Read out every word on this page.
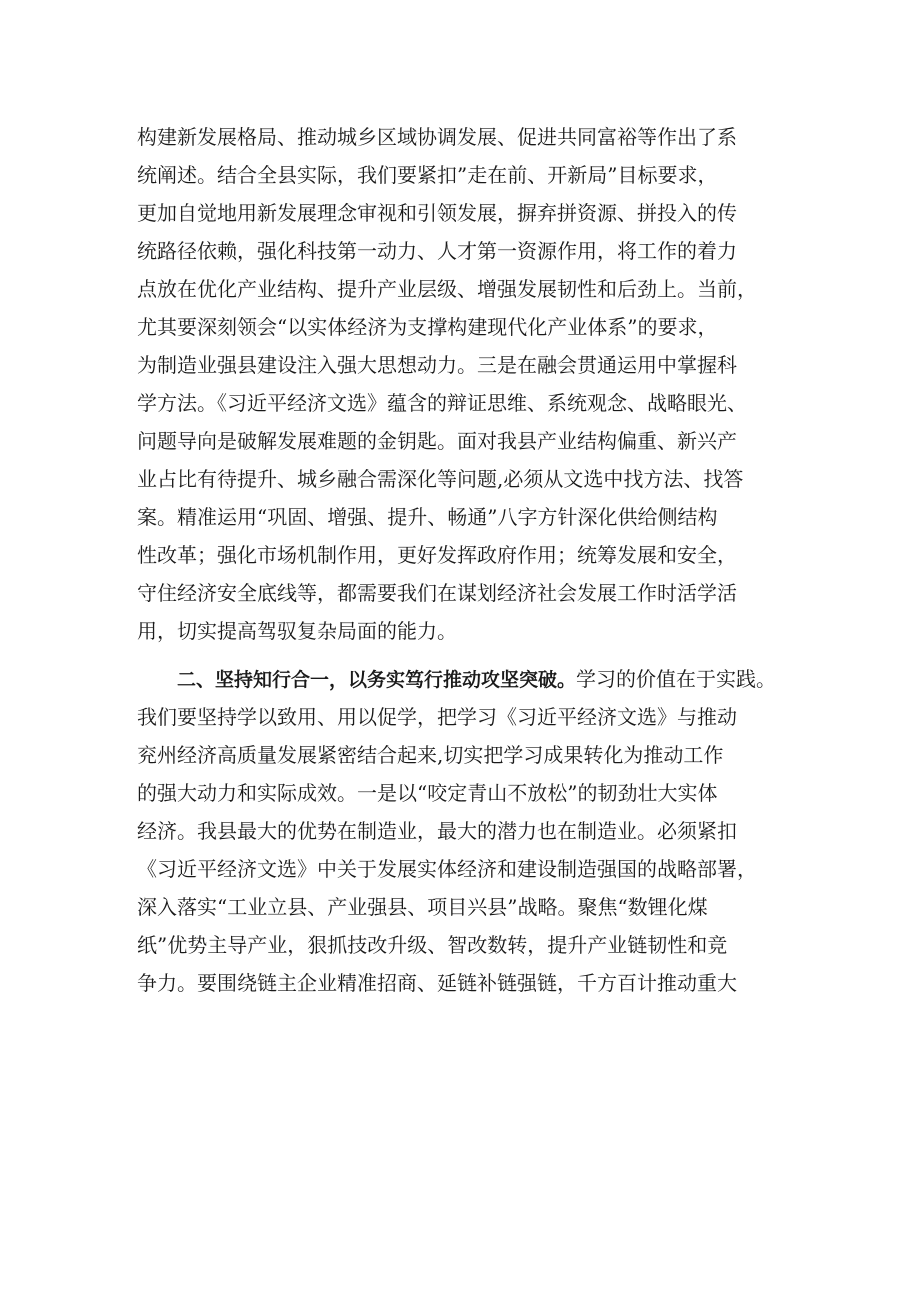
构建新发展格局、推动城乡区域协调发展、促进共同富裕等作出了系
统阐述。结合全县实际，我们要紧扣”走在前、开新局”目标要求，
更加自觉地用新发展理念审视和引领发展，摒弃拼资源、拼投入的传
统路径依赖，强化科技第一动力、人才第一资源作用，将工作的着力
点放在优化产业结构、提升产业层级、增强发展韧性和后劲上。当前，
尤其要深刻领会“以实体经济为支撑构建现代化产业体系”的要求，
为制造业强县建设注入强大思想动力。三是在融会贯通运用中掌握科
学方法。《习近平经济文选》蕴含的辩证思维、系统观念、战略眼光、
问题导向是破解发展难题的金钥匙。面对我县产业结构偏重、新兴产
业占比有待提升、城乡融合需深化等问题,必须从文选中找方法、找答
案。精准运用“巩固、增强、提升、畅通”八字方针深化供给侧结构
性改革；强化市场机制作用，更好发挥政府作用；统筹发展和安全，
守住经济安全底线等，都需要我们在谋划经济社会发展工作时活学活
用，切实提高驾驭复杂局面的能力。
二、坚持知行合一，以务实笃行推动攻坚突破。学习的价值在于实践。
我们要坚持学以致用、用以促学，把学习《习近平经济文选》与推动
兖州经济高质量发展紧密结合起来,切实把学习成果转化为推动工作
的强大动力和实际成效。一是以“咬定青山不放松”的韧劲壮大实体
经济。我县最大的优势在制造业，最大的潜力也在制造业。必须紧扣
《习近平经济文选》中关于发展实体经济和建设制造强国的战略部署，
深入落实“工业立县、产业强县、项目兴县”战略。聚焦“数锂化煤
纸”优势主导产业，狠抓技改升级、智改数转，提升产业链韧性和竞
争力。要围绕链主企业精准招商、延链补链强链，千方百计推动重大
